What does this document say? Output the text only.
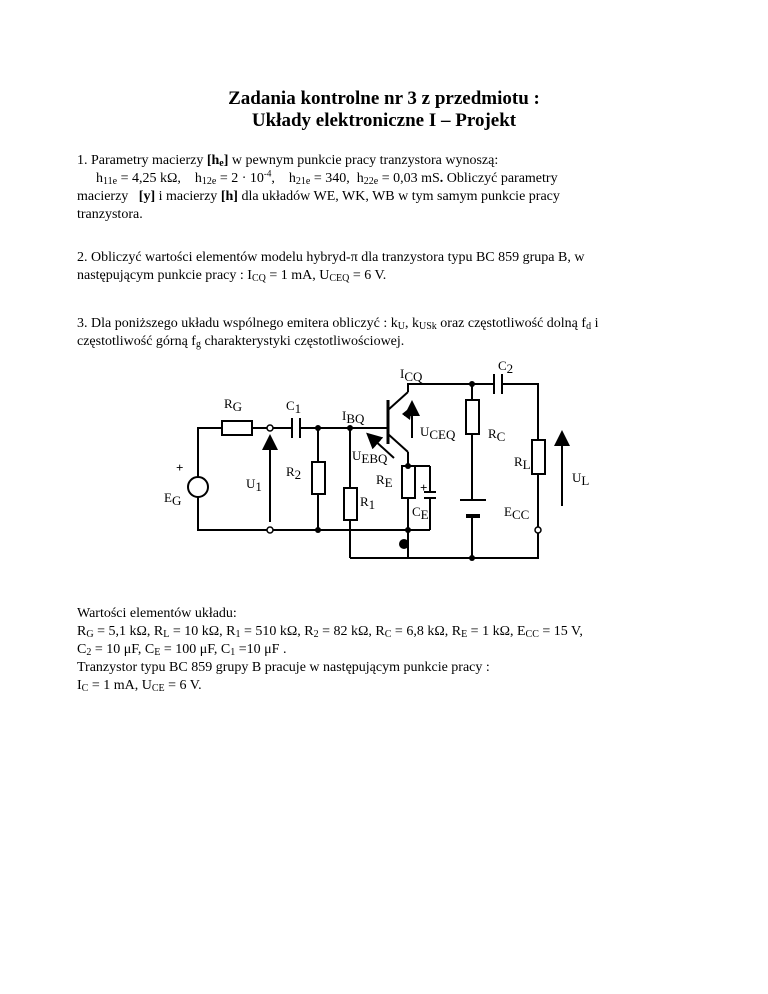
Zadania kontrolne nr 3 z przedmiotu :
Układy elektroniczne I – Projekt
1. Parametry macierzy $[h_e]$ w pewnym punkcie pracy tranzystora wynoszą:
$h_{11e} = 4,25$ kΩ, $h_{12e} = 2 \cdot 10^{-4}$, $h_{21e} = 340$, $h_{22e} = 0,03$ mS. Obliczyć parametry
macierzy   [y] i macierzy [h] dla układów WE, WK, WB w tym samym punkcie pracy
tranzystora.
2. Obliczyć wartości elementów modelu hybryd-π dla tranzystora typu BC 859 grupa B, w
następującym punkcie pracy : $I_{CQ} = 1$ mA, $U_{CEQ} = 6$ V.
3. Dla poniższego układu wspólnego emitera obliczyć : $k_U$, $k_{USk}$ oraz częstotliwość dolną $f_d$ i
częstotliwość górną $f_g$ charakterystyki częstotliwościowej.
ICQ
C2
RG	C1	IBQ
UCEQ	RC
UEBQ	RL
UL
U1
R2	RE
EG	R1	CE	ECC
+
+
Wartości elementów układu:
$R_G = 5,1$ kΩ, $R_L = 10$ kΩ, $R_1 = 510$ kΩ, $R_2 = 82$ kΩ, $R_C = 6,8$ kΩ, $R_E = 1$ kΩ, $E_{CC} = 15$ V,
$C_2 = 10$ μF, $C_E = 100$ μF, $C_1 =10$ μF .
Tranzystor typu BC 859 grupy B pracuje w następującym punkcie pracy :
$I_C = 1$ mA, $U_{CE} = 6$ V.
